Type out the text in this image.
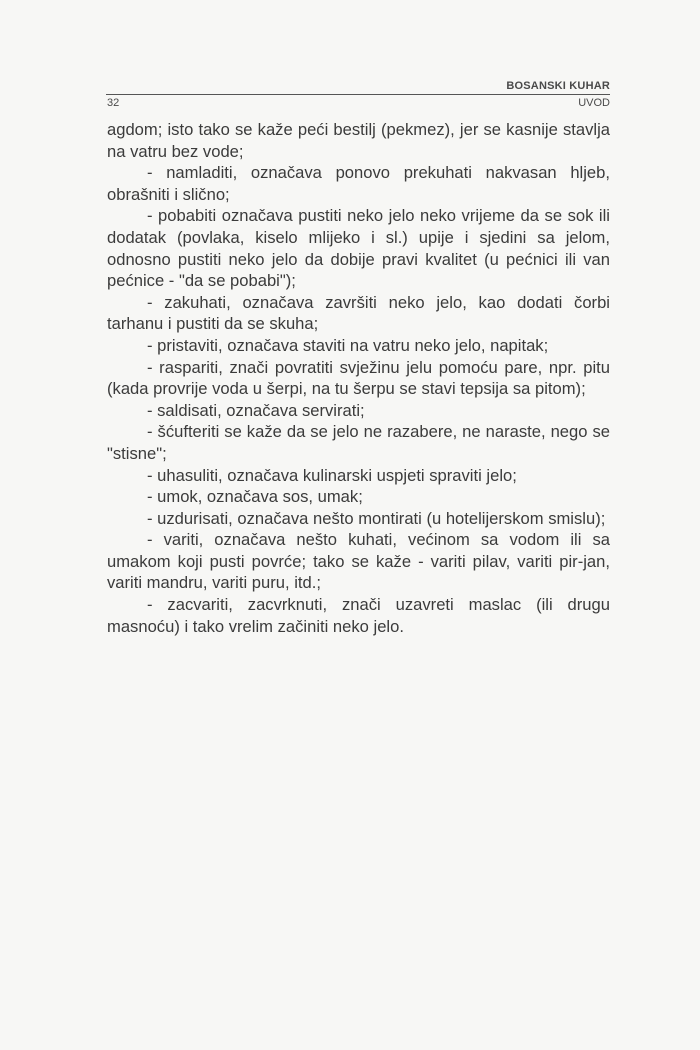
BOSANSKI KUHAR
32	UVOD

agdom; isto tako se kaže peći bestilj (pekmez), jer se kasnije stavlja na vatru bez vode;

- namladiti, označava ponovo prekuhati nakvasan hljeb, obrašniti i slično;

- pobabiti označava pustiti neko jelo neko vrijeme da se sok ili dodatak (povlaka, kiselo mlijeko i sl.) upije i sjedini sa jelom, odnosno pustiti neko jelo da dobije pravi kvalitet (u pećnici ili van pećnice - "da se pobabi");

- zakuhati, označava završiti neko jelo, kao dodati čorbi tarhanu i pustiti da se skuha;

- pristaviti, označava staviti na vatru neko jelo, napitak;

- raspariti, znači povratiti svježinu jelu pomoću pare, npr. pitu (kada provrije voda u šerpi, na tu šerpu se stavi tepsija sa pitom);

- saldisati, označava servirati;

- šćufteriti se kaže da se jelo ne razabere, ne naraste, nego se "stisne";

- uhasuliti, označava kulinarski uspjeti spraviti jelo;

- umok, označava sos, umak;

- uzdurisati, označava nešto montirati (u hotelijerskom smislu);

- variti, označava nešto kuhati, većinom sa vodom ili sa umakom koji pusti povrće; tako se kaže - variti pilav, variti pir-jan, variti mandru, variti puru, itd.;

- zacvariti, zacvrknuti, znači uzavreti maslac (ili drugu masnoću) i tako vrelim začiniti neko jelo.
